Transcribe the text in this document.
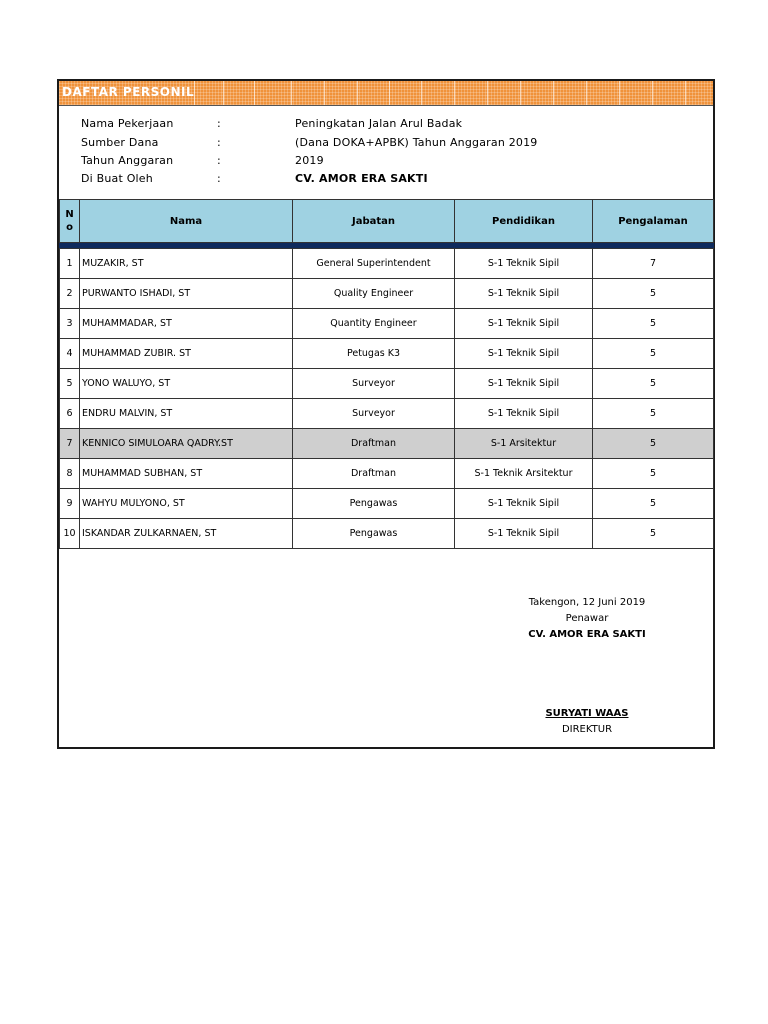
DAFTAR PERSONIL
Nama Pekerjaan	:	Peningkatan Jalan Arul Badak
Sumber Dana	:	(Dana DOKA+APBK) Tahun Anggaran 2019
Tahun Anggaran	:	2019
Di Buat Oleh	:	CV. AMOR ERA SAKTI
N
o	Nama	Jabatan	Pendidikan	Pengalaman

1	MUZAKIR, ST	General Superintendent	S-1 Teknik Sipil	7
2	PURWANTO ISHADI, ST	Quality Engineer	S-1 Teknik Sipil	5
3	MUHAMMADAR, ST	Quantity Engineer	S-1 Teknik Sipil	5
4	MUHAMMAD ZUBIR. ST	Petugas K3	S-1 Teknik Sipil	5
5	YONO WALUYO, ST	Surveyor	S-1 Teknik Sipil	5
6	ENDRU MALVIN, ST	Surveyor	S-1 Teknik Sipil	5
7	KENNICO SIMULOARA QADRY.ST	Draftman	S-1 Arsitektur	5
8	MUHAMMAD SUBHAN, ST	Draftman	S-1 Teknik Arsitektur	5
9	WAHYU MULYONO, ST	Pengawas	S-1 Teknik Sipil	5
10	ISKANDAR ZULKARNAEN, ST	Pengawas	S-1 Teknik Sipil	5
Takengon, 12 Juni 2019
Penawar
CV. AMOR ERA SAKTI
SURYATI WAAS
DIREKTUR
